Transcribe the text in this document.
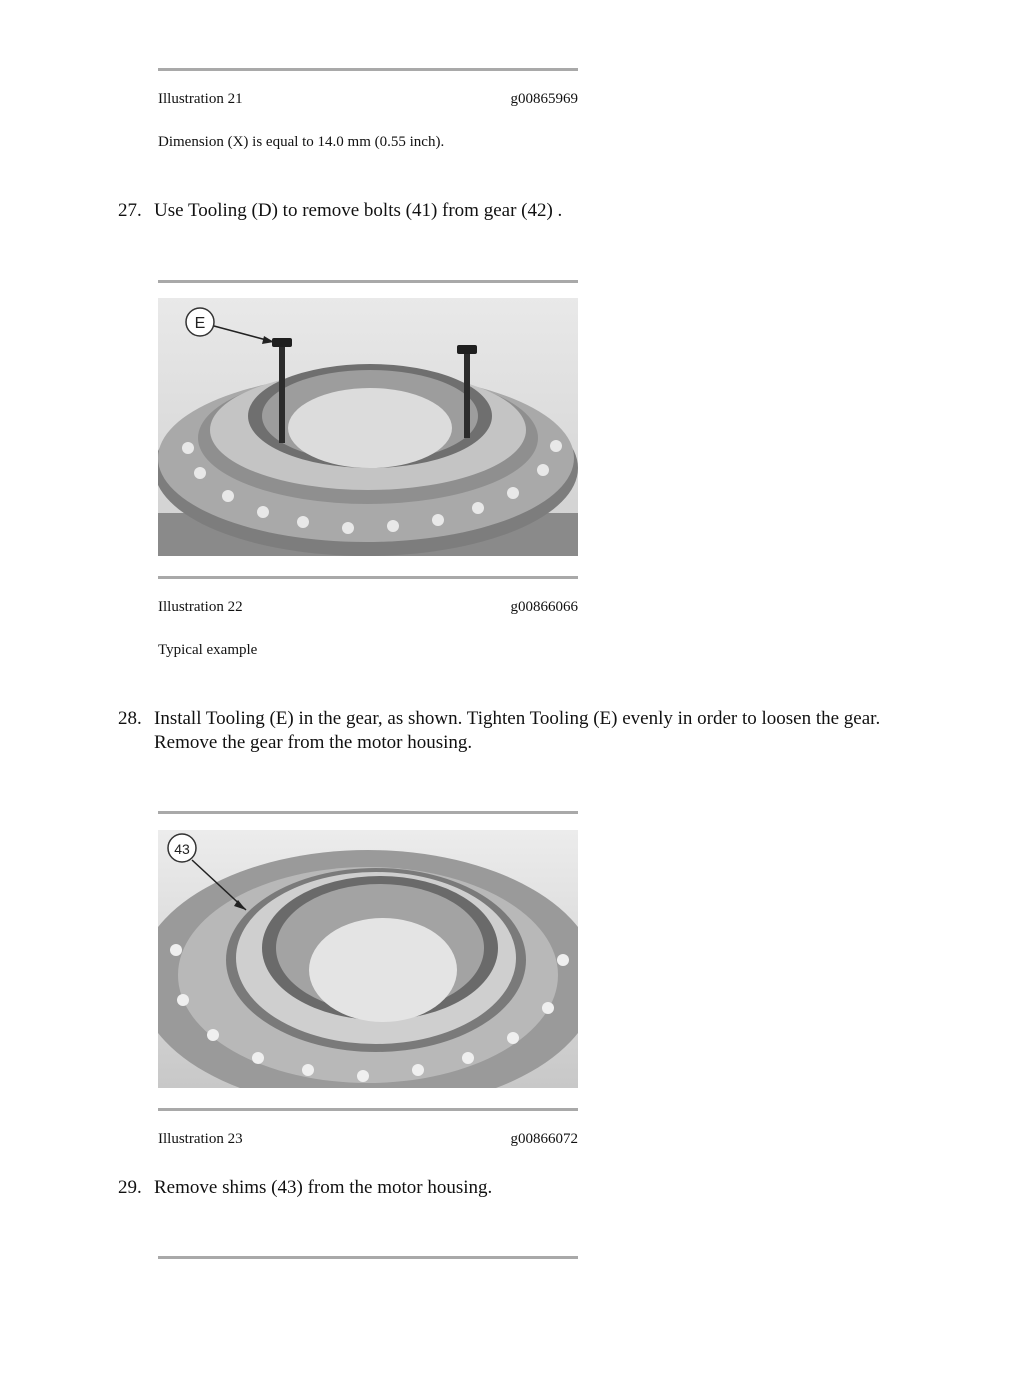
Illustration 21	g00865969
Dimension (X) is equal to 14.0 mm (0.55 inch).
27. Use Tooling (D) to remove bolts (41) from gear (42) .
E
Illustration 22	g00866066
Typical example
28. Install Tooling (E) in the gear, as shown. Tighten Tooling (E) evenly in order to loosen the gear. Remove the gear from the motor housing.
43
Illustration 23	g00866072
29. Remove shims (43) from the motor housing.
